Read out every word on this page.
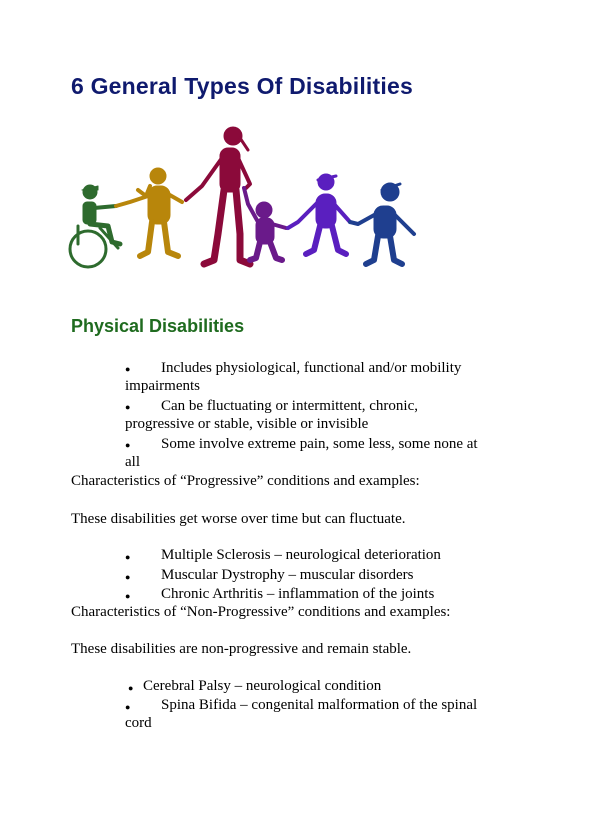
6 General Types Of Disabilities
Physical Disabilities
● Includes physiological, functional and/or mobility
impairments
● Can be fluctuating or intermittent, chronic,
progressive or stable, visible or invisible
● Some involve extreme pain, some less, some none at
all
Characteristics of “Progressive” conditions and examples:
These disabilities get worse over time but can fluctuate.
● Multiple Sclerosis – neurological deterioration
● Muscular Dystrophy – muscular disorders
● Chronic Arthritis – inflammation of the joints
Characteristics of “Non-Progressive” conditions and examples:
These disabilities are non-progressive and remain stable.
● Cerebral Palsy – neurological condition
● Spina Bifida – congenital malformation of the spinal
cord
